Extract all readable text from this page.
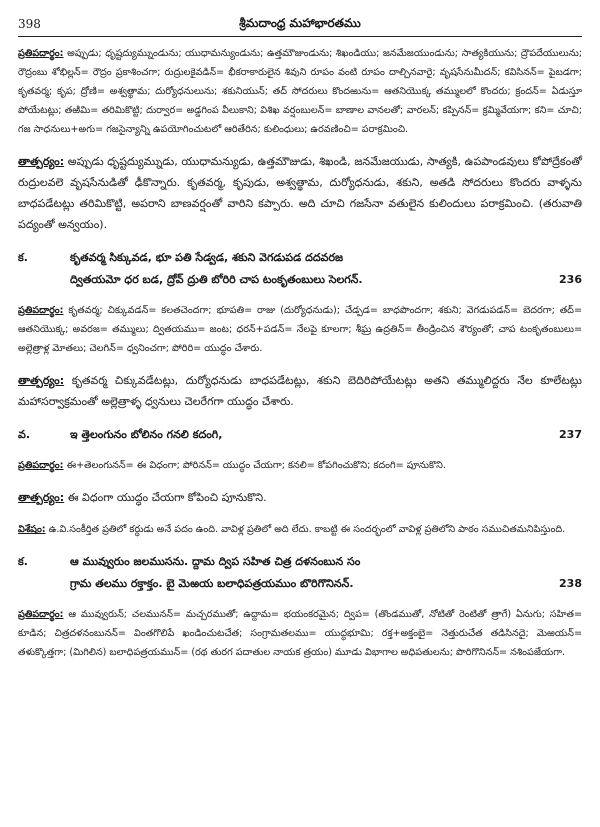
398	శ్రీమదాంధ్ర మహాభారతము

ప్రతిపదార్థం: అప్పుడు; ధృష్టద్యుమ్నుండును; యుధామన్యుండును; ఉత్తమౌజుండును; శిఖండియు; జనమేజయుండును; సాత్యకియును; ద్రౌపదేయులును; రౌద్రంబు శోభిల్లన్= రౌద్రం ప్రకాశించగా; రుద్రులకైవడిన్= భీకరాకారులైన శివుని రూపం వంటి రూపం దాల్చినవారై; వృషసేనుమీదన్; కవిసినన్= పైబడగా; కృతవర్మ; కృప; ద్రోణి= అశ్వత్థామ; దుర్యోధనులును; శకునియున్; తద్ సోదరులు కొందఱును= ఆతనియొక్క తమ్ములలో కొందరు; క్రందన్= ఏడుస్తూ పోయేటట్లు; తఱిమి= తరిమికొట్టి; దుర్వార= అడ్డగింప వీలుకాని; విశిఖ వర్షంబులన్= బాణాల వానలతో; వారలన్; కప్పినన్= క్రమ్మివేయగా; కని= చూచి; గజ సాధనులు+అగు= గజసైన్యాన్ని ఉపయోగించుటలో ఆరితేరిన; కులింధులు; ఉరవణించి= పరాక్రమించి.

తాత్పర్యం: అప్పుడు ధృష్టద్యుమ్నుడు, యుధామన్యుడు, ఉత్తమౌజుడు, శిఖండి, జనమేజయుడు, సాత్యకి, ఉపపాండవులు కోపోద్రేకంతో రుద్రులవలె వృషసేనుడితో ఢీకొన్నారు. కృతవర్మ, కృపుడు, అశ్వత్థామ, దుర్యోధనుడు, శకుని, అతడి సోదరులు కొందరు వాళ్ళను బాధపడేటట్లు తరిమికొట్టి, అపరాని బాణవర్షంతో వారిని కప్పారు. అది చూచి గజసేనా వతులైన కులిందులు పరాక్రమించి. (తరువాతి పద్యంతో అన్వయం).

క.	కృతవర్మ సిక్కువడ, భూ పతి సేడ్వడ, శకుని వెగడుపడ దదవరజ
ద్వితయమో ధర బడ, ద్రోవ్ ద్రుతి బోరిరి చాప టంకృతంబులు సెలగన్.	236

ప్రతిపదార్థం: కృతవర్మ; చిక్కువడన్= కలతచెందగా; భూపతి= రాజు (దుర్యోధనుడు); చేడ్పడ= బాధపొందగా; శకుని; వెగడుపడన్= బెదరగా; తద్= ఆతనియొక్క; అవరజ= తమ్ములు; ద్వితయము= జంట; ధరన్+పడన్= నేలపై కూలగా; శీఘ్ర ఉద్రతిన్= తీండ్రించిన శౌర్యంతో; చాప టంకృతంబులు= అల్లెత్రాళ్ల మోతలు; చెలగిన్= ధ్వనించగా; పోరిరి= యుద్ధం చేశారు.

తాత్పర్యం: కృతవర్మ చిక్కువడేటట్లు, దుర్యోధనుడు బాధపడేటట్లు, శకుని బెదిరిపోయేటట్లు అతని తమ్ములిద్దరు నేల కూలేటట్లు మహాసర్వాక్రమంతో అల్లెత్రాళ్ళ ధ్వనులు చెలరేగగా యుద్ధం చేశారు.

వ.	ఇ త్తెలంగునం బోలినం గనలి కదంగి,	237

ప్రతిపదార్థం: ఈ+తెలంగునన్= ఈ విధంగా; పోరినన్= యుద్ధం చేయగా; కనలి= కోపగించుకొని; కదంగి= పూనుకొని.

తాత్పర్యం: ఈ విధంగా యుద్ధం చేయగా కోపించి పూనుకొని.

విశేషం: ఉ.వి.సంకీర్తిత ప్రతిలో కర్ధుడు అనే పదం ఉంది. వావిళ్ల ప్రతిలో అది లేదు. కాబట్టి ఈ సందర్భంలో వావిళ్ల ప్రతిలోని పాఠం సముచితమనిపిస్తుంది.

క.	ఆ మువ్వురుం జలముసను. ద్దామ ద్విప సహిత చిత్ర దళనంబున సం
గ్రామ తలము రక్తాక్తం. బై మెఱయ బలాధిపత్రయముం బొరిగొనినన్.	238

ప్రతిపదార్థం: ఆ మువ్వురున్; చలమునన్= మచ్చరముతో; ఉద్దామ= భయంకరమైన; ద్విప= (తొండముతో, నోటితో రెంటితో త్రాగే) ఏనుగు; సహిత= కూడిన; చిత్రదళనంబునన్= వింతగొలిపే ఖండించుటచేత; సంగ్రామతలము= యుద్ధభూమి; రక్త+అక్తంబై= నెత్తురుచేత తడిసినదై; మెఱయన్= తళుక్కొత్తగా; (మిగిలిన) బలాధిపత్రయమున్= (రథ తురగ పదాతుల నాయక త్రయం) మూడు విభాగాల అధిపతులను; పొరిగొనినన్= నశింపజేయగా.
